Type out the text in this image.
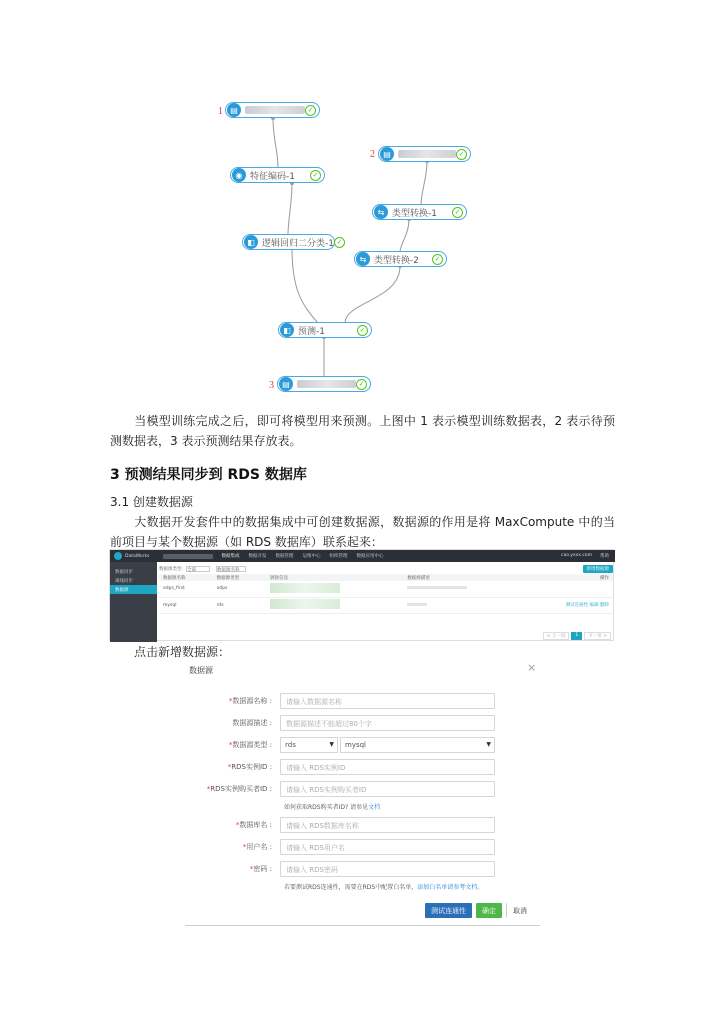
1 ▤	✓
2	▤	✓
◉ 特征编码-1	✓
⇆ 类型转换-1	✓
◧ 逻辑回归二分类-1 ✓
⇆ 类型转换-2	✓
◧ 预测-1	✓
3	▤	✓

当模型训练完成之后，即可将模型用来预测。上图中 1 表示模型训练数据表，2 表示待预测数据表，3 表示预测结果存放表。

3 预测结果同步到 RDS 数据库
3.1 创建数据源

大数据开发套件中的数据集成中可创建数据源，数据源的作用是将 MaxCompute 中的当前项目与某个数据源（如 RDS 数据库）联系起来：

DataWorks	数据集成 数据开发 数据管理 运维中心 组织管理 数据应用中心	cao.yxxx.com 帮助
数据同步
离线同步
数据源
数据源类型: 全部	数据源名称	新增数据源
数据源名称	数据源类型	链接信息	数据源描述	操作
odps_first	odps			
mysql	rds			测试连通性 编辑 删除
< 上一页	1	下一页 >
点击新增数据源：
数据源	×
*数据源名称 :	请输入数据源名称
数据源描述 :	数据源描述不能超过80个字
*数据源类型 :	rds	▼	mysql	▼
*RDS实例ID :	请输入 RDS实例ID
*RDS实例购买者ID :	请输入 RDS实例购买者ID
如何获取RDS购买者ID? 请参见文档
*数据库名 :	请输入 RDS数据库名称
*用户名 :	请输入 RDS用户名
*密码 :	请输入 RDS密码
若要测试RDS连通性，需要在RDS中配置白名单，添加白名单请参考文档。
测试连通性	确定	取消
